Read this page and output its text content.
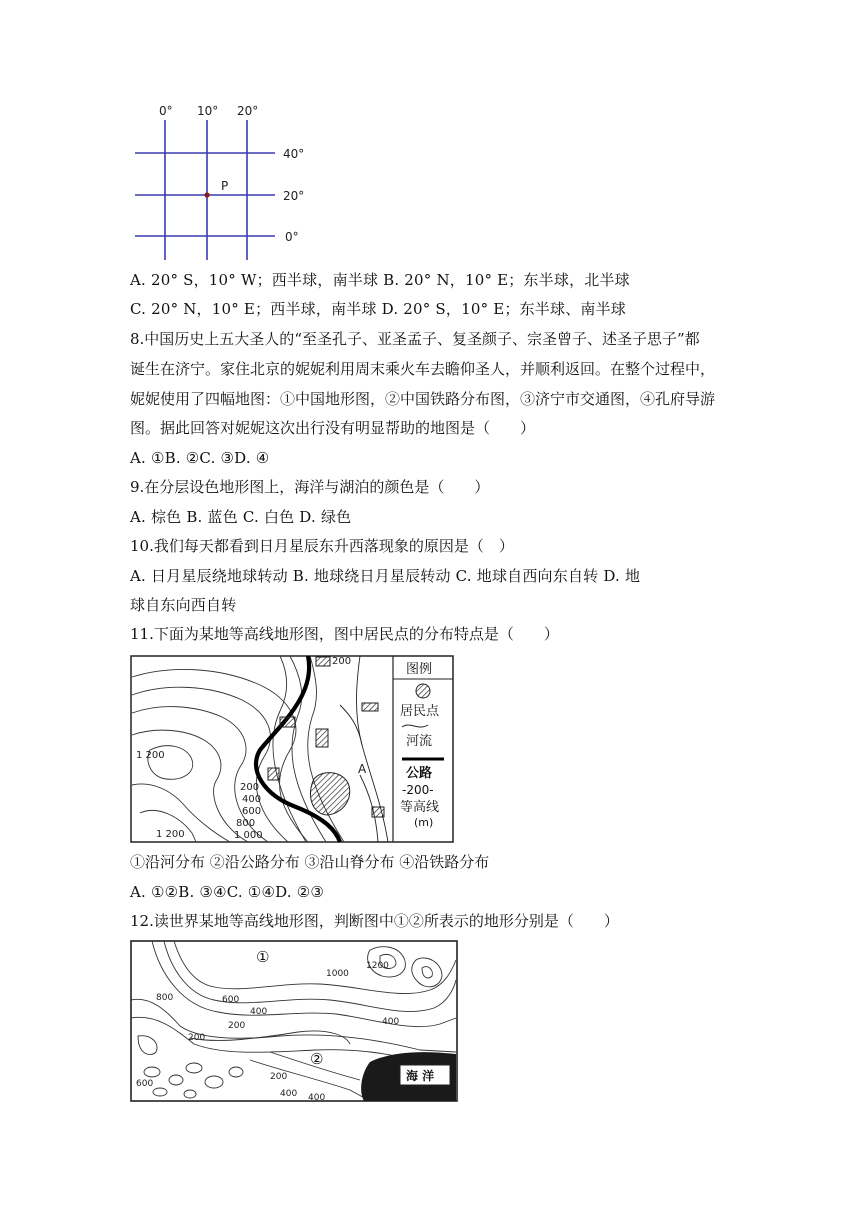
0° 10° 20°
40°
20°
0°
P
A. 20° S，10° W；西半球，南半球 B. 20° N，10° E；东半球，北半球
C. 20° N，10° E；西半球，南半球 D. 20° S，10° E；东半球、南半球
8.中国历史上五大圣人的“至圣孔子、亚圣孟子、复圣颜子、宗圣曾子、述圣子思子”都
诞生在济宁。家住北京的妮妮利用周末乘火车去瞻仰圣人，并顺利返回。在整个过程中，
妮妮使用了四幅地图：①中国地形图，②中国铁路分布图，③济宁市交通图，④孔府导游
图。据此回答对妮妮这次出行没有明显帮助的地图是（　　）
A. ①B. ②C. ③D. ④
9.在分层设色地形图上，海洋与湖泊的颜色是（　　）
A. 棕色 B. 蓝色 C. 白色 D. 绿色
10.我们每天都看到日月星辰东升西落现象的原因是（　）
A. 日月星辰绕地球转动 B. 地球绕日月星辰转动 C. 地球自西向东自转 D. 地
球自东向西自转
11.下面为某地等高线地形图，图中居民点的分布特点是（　　）
200
1 200
200
400
600
800
1 000
1 200
A
图例
居民点
河流
公路
-200-
等高线
(m)
①沿河分布 ②沿公路分布 ③沿山脊分布 ④沿铁路分布
A. ①②B. ③④C. ①④D. ②③
12.读世界某地等高线地形图，判断图中①②所表示的地形分别是（　　）
1000
1200
800	600
400
200	400
200
600
200
400 400
①
②
海 洋
